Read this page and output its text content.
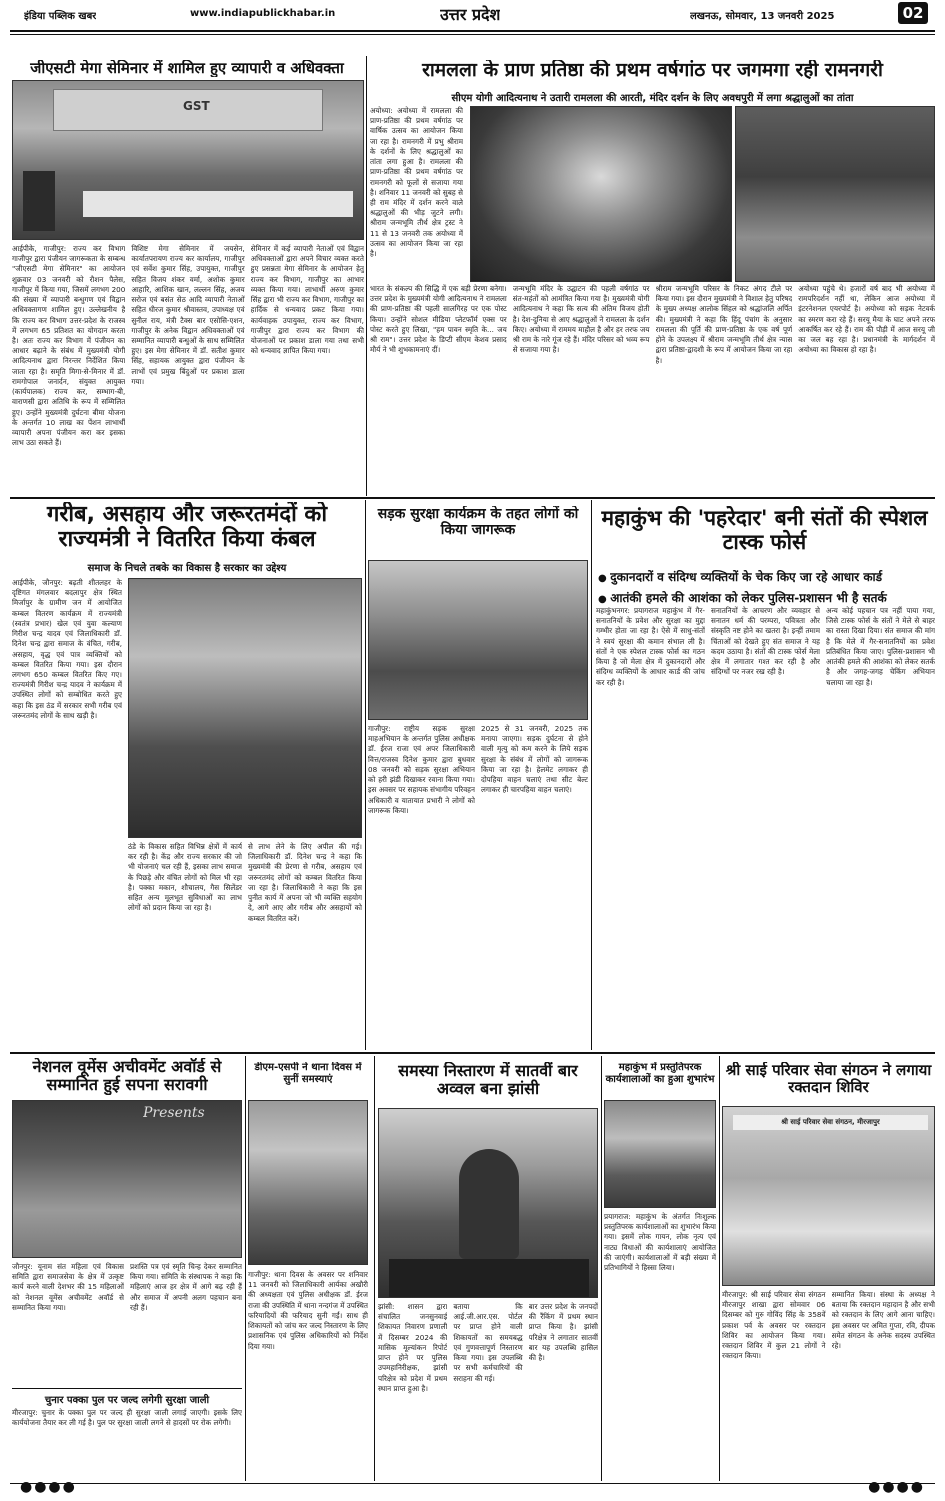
इंडिया पब्लिक खबर	www.indiapublickhabar.in	उत्तर प्रदेश	लखनऊ, सोमवार, 13 जनवरी 2025	02
जीएसटी मेगा सेमिनार में शामिल हुए व्यापारी व अधिवक्ता
GST
आईपीके, गाजीपुर: राज्य कर विभाग गाजीपुर द्वारा पंजीयन जागरूकता के सम्बन्ध "जीएसटी मेगा सेमिनार" का आयोजन शुक्रवार 03 जनवरी को रौशन पैलेस, गाजीपुर में किया गया, जिसमें लगभग 200 की संख्या में व्यापारी बन्धुगण एवं विद्वान अधिवक्तागण शामिल हुए। उल्लेखनीय है कि राज्य कर विभाग उत्तर-प्रदेश के राजस्व में लगभग 65 प्रतिशत का योगदान करता है। अतः राज्य कर विभाग में पंजीयन का आधार बढ़ाने के संबंध में मुख्यमंत्री योगी आदित्यनाथ द्वारा निरन्तर निर्देशित किया जाता रहा है। समृति मिगा-से-मिनार में डॉ. रामगोपाल जनार्दन, संयुक्त आयुक्त (कार्यपालक) राज्य कर, सम्भाग-बी, वाराणसी द्वारा अतिथि के रूप में सम्मिलित हुए। उन्होंने मुख्यमंत्री दुर्घटना बीमा योजना के अन्तर्गत 10 लाख का पेंशन लाभार्थी व्यापारी अपना पंजीयन करा कर इसका लाभ उठा सकते हैं।
विशिष्ट मेगा सेमिनार में जयसेन, कार्यातपरायण राज्य कर कार्यालय, गाजीपुर एवं सर्वेश कुमार सिंह, उपायुक्त, गाजीपुर सहित विजय शंकर वर्मा, अशोक कुमार आहारि, आशिक खान, लल्लन सिंह, अजय सरोज एवं बसंत सेठ आदि व्यापारी नेताओं सहित धीरज कुमार श्रीवास्तव, उपाध्यक्ष एवं सुनील राय, मंत्री टैक्स बार एसोसि-एशन, गाजीपुर के अनेक विद्वान अधिवक्ताओं एवं सम्मानित व्यापारी बन्धुओं के साथ सम्मिलित हुए। इस मेगा सेमिनार में डॉ. सतीश कुमार सिंह, सहायक आयुक्त द्वारा पंजीयन के लाभों एवं प्रमुख बिंदुओं पर प्रकाश डाला गया।
सेमिनार में कई व्यापारी नेताओं एवं विद्वान अधिवक्ताओं द्वारा अपने विचार व्यक्त करते हुए प्रसन्नता मेगा सेमिनार के आयोजन हेतु राज्य कर विभाग, गाजीपुर का आभार व्यक्त किया गया। लाभार्थी अरुण कुमार सिंह द्वारा भी राज्य कर विभाग, गाजीपुर का हार्दिक से धन्यवाद प्रकट किया गया। कार्यवाहक उपायुक्त, राज्य कर विभाग, गाजीपुर द्वारा राज्य कर विभाग की योजनाओं पर प्रकाश डाला गया तथा सभी को धन्यवाद ज्ञापित किया गया।
रामलला के प्राण प्रतिष्ठा की प्रथम वर्षगांठ पर जगमगा रही रामनगरी
सीएम योगी आदित्यनाथ ने उतारी रामलला की आरती, मंदिर दर्शन के लिए अवधपुरी में लगा श्रद्धालुओं का तांता
अयोध्या: अयोध्या में रामलला की प्राण-प्रतिष्ठा की प्रथम वर्षगांठ पर वार्षिक उत्सव का आयोजन किया जा रहा है। रामनगरी में प्रभु श्रीराम के दर्शनों के लिए श्रद्धालुओं का तांता लगा हुआ है। रामलला की प्राण-प्रतिष्ठा की प्रथम वर्षगांठ पर रामनगरी को फूलों से सजाया गया है। शनिवार 11 जनवरी को सुबह से ही राम मंदिर में दर्शन करने वाले श्रद्धालुओं की भीड़ जुटने लगी। श्रीराम जन्मभूमि तीर्थ क्षेत्र ट्रस्ट ने 11 से 13 जनवरी तक अयोध्या में उत्सव का आयोजन किया जा रहा है।
भारत के संकल्प की सिद्धि में एक बड़ी प्रेरणा बनेगा। उत्तर प्रदेश के मुख्यमंत्री योगी आदित्यनाथ ने रामलला की प्राण-प्रतिष्ठा की पहली सालगिरह पर एक पोस्ट किया। उन्होंने सोशल मीडिया प्लेटफॉर्म एक्स पर पोस्ट करते हुए लिखा, "हम पावन स्मृति के... जय श्री राम"। उत्तर प्रदेश के डिप्टी सीएम केशव प्रसाद मौर्य ने भी शुभकामनाएं दीं।
जन्मभूमि मंदिर के उद्घाटन की पहली वर्षगांठ पर संत-महंतों को आमंत्रित किया गया है। मुख्यमंत्री योगी आदित्यनाथ ने कहा कि सत्य की अंतिम विजय होती है। देश-दुनिया से आए श्रद्धालुओं ने रामलला के दर्शन किए। अयोध्या में राममय माहौल है और हर तरफ जय श्री राम के नारे गूंज रहे हैं। मंदिर परिसर को भव्य रूप से सजाया गया है।
श्रीराम जन्मभूमि परिसर के निकट अंगद टीले पर किया गया। इस दौरान मुख्यमंत्री ने विशाल हेतु परिषद के मुख्य अध्यक्ष आलोक सिंहल को श्रद्धांजलि अर्पित की। मुख्यमंत्री ने कहा कि हिंदू पंचांग के अनुसार रामलला की पूर्ति की प्राण-प्रतिष्ठा के एक वर्ष पूर्ण होने के उपलक्ष्य में श्रीराम जन्मभूमि तीर्थ क्षेत्र न्यास द्वारा प्रतिष्ठा-द्वादशी के रूप में आयोजन किया जा रहा है।
अयोध्या पहुंचे थे। हजारों वर्ष बाद भी अयोध्या में रामपरिदर्शन नहीं था, लेकिन आज अयोध्या में इंटरनेशनल एयरपोर्ट है। अयोध्या को सड़क नेटवर्क का स्मरण करा रहे हैं। सरयू मैया के घाट अपने तरफ आकर्षित कर रहे हैं। राम की पौड़ी में आज सरयू जी का जल बह रहा है। प्रधानमंत्री के मार्गदर्शन में अयोध्या का विकास हो रहा है।
गरीब, असहाय और जरूरतमंदों को राज्यमंत्री ने वितरित किया कंबल
समाज के निचले तबके का विकास है सरकार का उद्देश्य
आईपीके, जौनपुर: बढ़ती शीतलहर के दृष्टिगत मंगलवार बदलापुर क्षेत्र स्थित मिर्जापुर के ग्रामीण जन में आयोजित कम्बल वितरण कार्यक्रम में राज्यमंत्री (स्वतंत्र प्रभार) खेल एवं युवा कल्याण गिरीश चन्द्र यादव एवं जिलाधिकारी डॉ. दिनेश चन्द्र द्वारा समाज के वंचित, गरीब, असहाय, वृद्ध एवं पात्र व्यक्तियों को कम्बल वितरित किया गया। इस दौरान लगभग 650 कम्बल वितरित किए गए। राज्यमंत्री गिरीश चन्द्र यादव ने कार्यक्रम में उपस्थित लोगों को सम्बोधित करते हुए कहा कि इस ठंड में सरकार सभी गरीब एवं जरूरतमंद लोगों के साथ खड़ी है।
ठंडे के विकास सहित विभिन्न क्षेत्रों में कार्य कर रही है। केंद्र और राज्य सरकार की जो भी योजनाएं चल रही हैं, इसका लाभ समाज के पिछड़े और वंचित लोगों को मिल भी रहा है। पक्का मकान, शौचालय, गैस सिलेंडर सहित अन्य मूलभूत सुविधाओं का लाभ लोगों को प्रदान किया जा रहा है।
से लाभ लेने के लिए अपील की गई। जिलाधिकारी डॉ. दिनेश चन्द्र ने कहा कि मुख्यमंत्री की प्रेरणा से गरीब, असहाय एवं जरूरतमंद लोगों को कम्बल वितरित किया जा रहा है। जिलाधिकारी ने कहा कि इस पुनीत कार्य में अपना जो भी व्यक्ति सहयोग दे, आगे आए और गरीब और असहायों को कम्बल वितरित करें।
सड़क सुरक्षा कार्यक्रम के तहत लोगों को किया जागरूक
गाजीपुर: राष्ट्रीय सड़क सुरक्षा माहअभियान के अन्तर्गत पुलिस अधीक्षक डॉ. ईरज राजा एवं अपर जिलाधिकारी वित्त/राजस्व दिनेश कुमार द्वारा बुधवार 08 जनवरी को सड़क सुरक्षा अभियान को हरी झंडी दिखाकर रवाना किया गया। इस अवसर पर सहायक संभागीय परिवहन अधिकारी व यातायात प्रभारी ने लोगों को जागरूक किया।
2025 से 31 जनवरी, 2025 तक मनाया जाएगा। सड़क दुर्घटना से होने वाली मृत्यु को कम करने के लिये सड़क सुरक्षा के संबंध में लोगों को जागरूक किया जा रहा है। हेलमेट लगाकर ही दोपहिया वाहन चलाएं तथा सीट बेल्ट लगाकर ही चारपहिया वाहन चलाएं।
महाकुंभ की 'पहरेदार' बनी संतों की स्पेशल टास्क फोर्स
● दुकानदारों व संदिग्ध व्यक्तियों के चेक किए जा रहे आधार कार्ड
● आतंकी हमले की आशंका को लेकर पुलिस-प्रशासन भी है सतर्क
महाकुंभनगर: प्रयागराज महाकुंभ में गैर-सनातनियों के प्रवेश और सुरक्षा का मुद्दा गम्भीर होता जा रहा है। ऐसे में साधु-संतों ने स्वयं सुरक्षा की कमान संभाल ली है। संतों ने एक स्पेशल टास्क फोर्स का गठन किया है जो मेला क्षेत्र में दुकानदारों और संदिग्ध व्यक्तियों के आधार कार्ड की जांच कर रही है।
सनातनियों के आचरण और व्यवहार से सनातन धर्म की परम्परा, पवित्रता और संस्कृति नष्ट होने का खतरा है। इन्हीं तमाम चिंताओं को देखते हुए संत समाज ने यह कदम उठाया है। संतों की टास्क फोर्स मेला क्षेत्र में लगातार गश्त कर रही है और संदिग्धों पर नजर रख रही है।
अन्य कोई पहचान पत्र नहीं पाया गया, जिसे टास्क फोर्स के संतों ने मेले से बाहर का रास्ता दिखा दिया। संत समाज की मांग है कि मेले में गैर-सनातनियों का प्रवेश प्रतिबंधित किया जाए। पुलिस-प्रशासन भी आतंकी हमले की आशंका को लेकर सतर्क है और जगह-जगह चेकिंग अभियान चलाया जा रहा है।
नेशनल वूमेंस अचीवमेंट अवॉर्ड से सम्मानित हुई सपना सरावगी
Presents
जौनपुर: यूनाम संत महिला एवं विकास समिति द्वारा समाजसेवा के क्षेत्र में उत्कृष्ट कार्य करने वाली देशभर की 15 महिलाओं को नेशनल वूमेंस अचीवमेंट अवॉर्ड से सम्मानित किया गया।
प्रशस्ति पत्र एवं स्मृति चिन्ह देकर सम्मानित किया गया। समिति के संस्थापक ने कहा कि महिलाएं आज हर क्षेत्र में आगे बढ़ रही हैं और समाज में अपनी अलग पहचान बना रही हैं।
चुनार पक्का पुल पर जल्द लगेगी सुरक्षा जाली
मीरजापुर: चुनार के पक्का पुल पर जल्द ही सुरक्षा जाली लगाई जाएगी। इसके लिए कार्ययोजना तैयार कर ली गई है। पुल पर सुरक्षा जाली लगने से हादसों पर रोक लगेगी।
डीएम-एसपी ने थाना दिवस में सुनीं समस्याएं
गाजीपुर: थाना दिवस के अवसर पर शनिवार 11 जनवरी को जिलाधिकारी आर्यका अखौरी की अध्यक्षता एवं पुलिस अधीक्षक डॉ. ईरज राजा की उपस्थिति में थाना नन्दगंज में उपस्थित फरियादियों की फरियाद सुनी गईं। साथ ही शिकायतों को जांच कर जल्द निस्तारण के लिए प्रशासनिक एवं पुलिस अधिकारियों को निर्देश दिया गया।
समस्या निस्तारण में सातवीं बार अव्वल बना झांसी
झांसी: शासन द्वारा संचालित जनसुनवाई शिकायत निवारण प्रणाली में दिसम्बर 2024 की मासिक मूल्यांकन रिपोर्ट प्राप्त होने पर पुलिस उपमहानिरीक्षक, झांसी परिक्षेत्र को प्रदेश में प्रथम स्थान प्राप्त हुआ है।
बताया कि आई.जी.आर.एस. पोर्टल पर प्राप्त होने वाली शिकायतों का समयबद्ध एवं गुणवत्तापूर्ण निस्तारण किया गया। इस उपलब्धि पर सभी कर्मचारियों की सराहना की गई।
बार उत्तर प्रदेश के जनपदों की रैंकिंग में प्रथम स्थान प्राप्त किया है। झांसी परिक्षेत्र ने लगातार सातवीं बार यह उपलब्धि हासिल की है।
महाकुंभ में प्रस्तुतिपरक कार्यशालाओं का हुआ शुभारंभ
प्रयागराज: महाकुंभ के अंतर्गत निःशुल्क प्रस्तुतिपरक कार्यशालाओं का शुभारंभ किया गया। इसमें लोक गायन, लोक नृत्य एवं नाट्य विधाओं की कार्यशालाएं आयोजित की जाएंगी। कार्यशालाओं में बड़ी संख्या में प्रतिभागियों ने हिस्सा लिया।
श्री साई परिवार सेवा संगठन ने लगाया रक्तदान शिविर
श्री साई परिवार सेवा संगठन, मीरजापुर
मीरजापुर: श्री साई परिवार सेवा संगठन मीरजापुर शाखा द्वारा सोमवार 06 दिसम्बर को गुरु गोविंद सिंह के 358वें प्रकाश पर्व के अवसर पर रक्तदान शिविर का आयोजन किया गया। रक्तदान शिविर में कुल 21 लोगों ने रक्तदान किया।
सम्मानित किया। संस्था के अध्यक्ष ने बताया कि रक्तदान महादान है और सभी को रक्तदान के लिए आगे आना चाहिए। इस अवसर पर अमित गुप्ता, रवि, दीपक समेत संगठन के अनेक सदस्य उपस्थित रहे।
●●●●	●●●●
